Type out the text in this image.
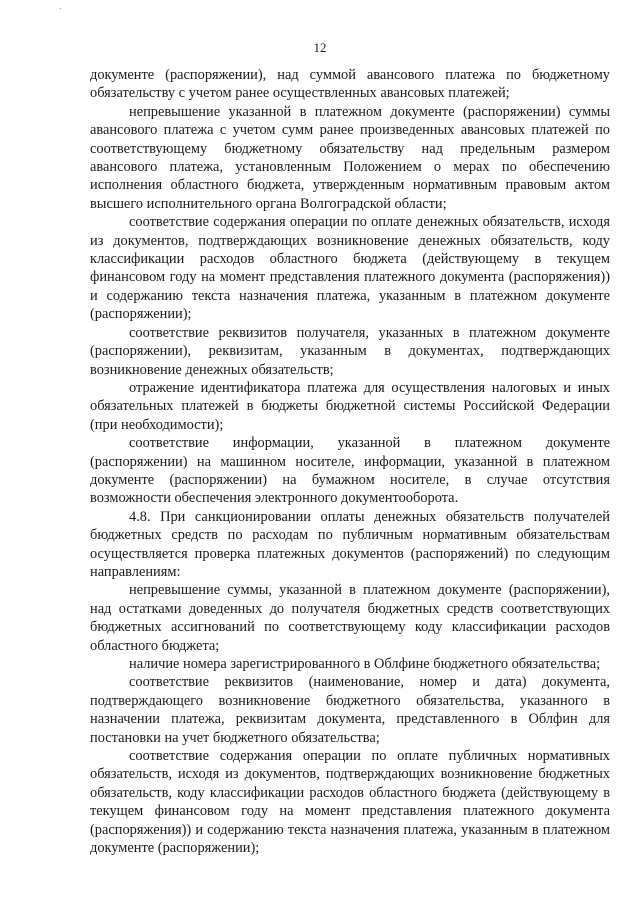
12

документе (распоряжении), над суммой авансового платежа по бюджетному обязательству с учетом ранее осуществленных авансовых платежей;

непревышение указанной в платежном документе (распоряжении) суммы авансового платежа с учетом сумм ранее произведенных авансовых платежей по соответствующему бюджетному обязательству над предельным размером авансового платежа, установленным Положением о мерах по обеспечению исполнения областного бюджета, утвержденным нормативным правовым актом высшего исполнительного органа Волгоградской области;

соответствие содержания операции по оплате денежных обязательств, исходя из документов, подтверждающих возникновение денежных обязательств, коду классификации расходов областного бюджета (действующему в текущем финансовом году на момент представления платежного документа (распоряжения)) и содержанию текста назначения платежа, указанным в платежном документе (распоряжении);

соответствие реквизитов получателя, указанных в платежном документе (распоряжении), реквизитам, указанным в документах, подтверждающих возникновение денежных обязательств;

отражение идентификатора платежа для осуществления налоговых и иных обязательных платежей в бюджеты бюджетной системы Российской Федерации (при необходимости);

соответствие информации, указанной в платежном документе (распоряжении) на машинном носителе, информации, указанной в платежном документе (распоряжении) на бумажном носителе, в случае отсутствия возможности обеспечения электронного документооборота.

4.8. При санкционировании оплаты денежных обязательств получателей бюджетных средств по расходам по публичным нормативным обязательствам осуществляется проверка платежных документов (распоряжений) по следующим направлениям:

непревышение суммы, указанной в платежном документе (распоряжении), над остатками доведенных до получателя бюджетных средств соответствующих бюджетных ассигнований по соответствующему коду классификации расходов областного бюджета;

наличие номера зарегистрированного в Облфине бюджетного обязательства;

соответствие реквизитов (наименование, номер и дата) документа, подтверждающего возникновение бюджетного обязательства, указанного в назначении платежа, реквизитам документа, представленного в Облфин для постановки на учет бюджетного обязательства;

соответствие содержания операции по оплате публичных нормативных обязательств, исходя из документов, подтверждающих возникновение бюджетных обязательств, коду классификации расходов областного бюджета (действующему в текущем финансовом году на момент представления платежного документа (распоряжения)) и содержанию текста назначения платежа, указанным в платежном документе (распоряжении);
